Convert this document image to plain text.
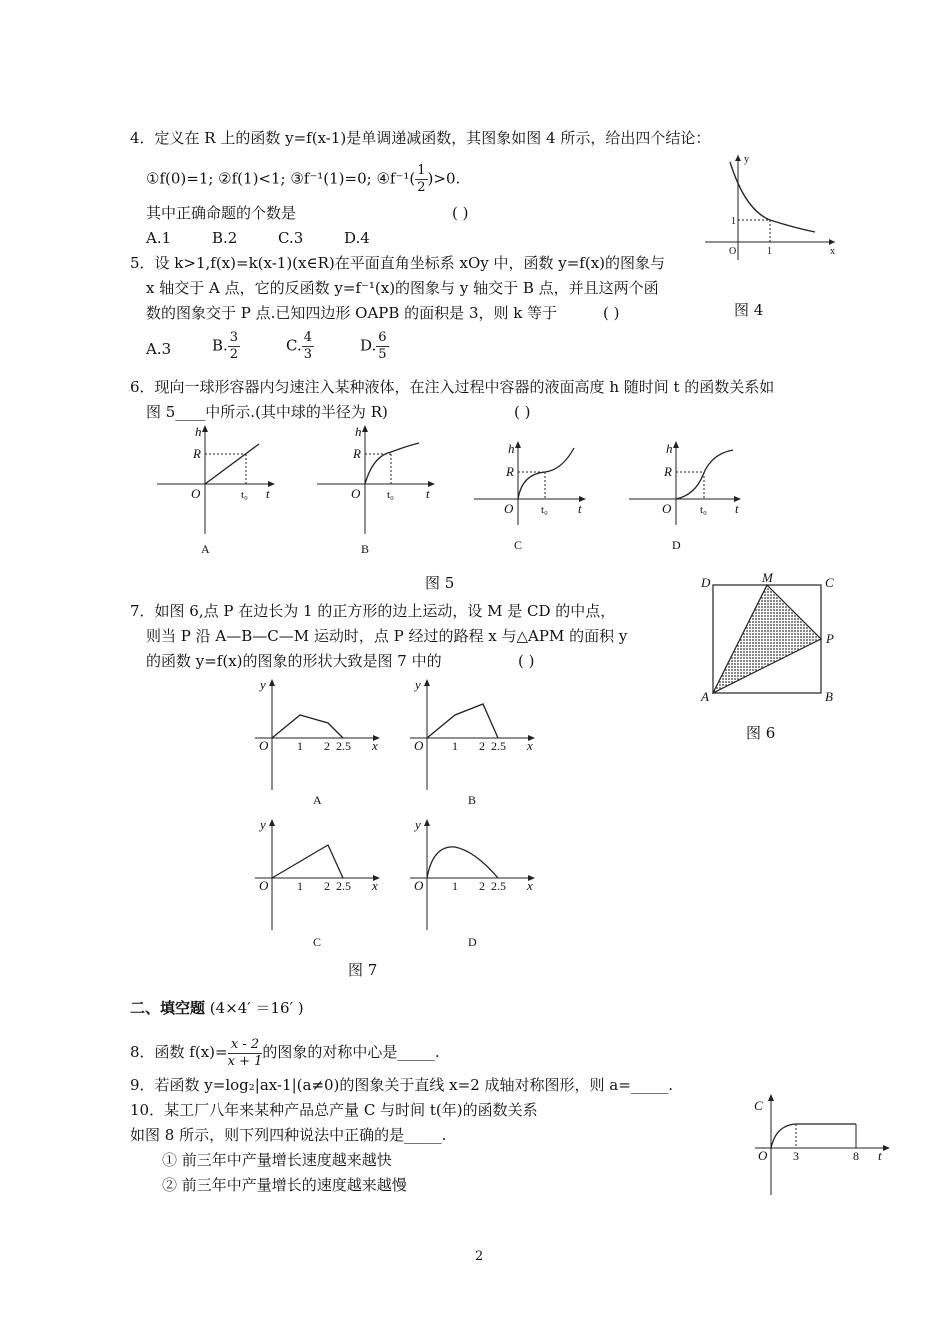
4．定义在 R 上的函数 y=f(x-1)是单调递减函数，其图象如图 4 所示，给出四个结论：
①f(0)=1; ②f(1)<1; ③f⁻¹(1)=0; ④f⁻¹( $\frac{1}{2} )>0$.
其中正确命题的个数是	( )
A.1	B.2	C.3	D.4
y
x
O
1
1
图 4
5．设 k>1,f(x)=k(x-1)(x∈R)在平面直角坐标系 xOy 中，函数 y=f(x)的图象与
x 轴交于 A 点，它的反函数 y=f⁻¹(x)的图象与 y 轴交于 B 点，并且这两个函
数的图象交于 P 点.已知四边形 OAPB 的面积是 3，则 k 等于	( )
A.3	B. $\frac{3}{2}$	C. $\frac{4}{3}$	D. $\frac{6}{5}$
6．现向一球形容器内匀速注入某种液体，在注入过程中容器的液面高度 h 随时间 t 的函数关系如
图 5____中所示.(其中球的半径为 R)	( )
h
R
O	t₀ t
A
h
R
O t₀ t
B
h
R
O	t₀ t
C
h
R
O	t₀ t
D
图 5
7．如图 6,点 P 在边长为 1 的正方形的边上运动，设 M 是 CD 的中点，
则当 P 沿 A—B—C—M 运动时，点 P 经过的路程 x 与△APM 的面积 y
的函数 y=f(x)的图象的形状大致是图 7 中的	( )
D	M	C
P
A	B
图 6
y
O 1 2 2.5 x
A
y
O 1 2 2.5 x
B
y
O 1 2 2.5 x
C
y
O 1 2 2.5 x
D
图 7
二、填空题 (4×4′ ＝16′ )
8．函数 $f(x)= \frac{x - 2}{x + 1}$ 的图象的对称中心是_____.
9．若函数 y=log₂|ax-1|(a≠0)的图象关于直线 x=2 成轴对称图形，则 a=_____.
10．某工厂八年来某种产品总产量 C 与时间 t(年)的函数关系
如图 8 所示，则下列四种说法中正确的是_____.
① 前三年中产量增长速度越来越快
② 前三年中产量增长的速度越来越慢
C
O 3	8 t
2
